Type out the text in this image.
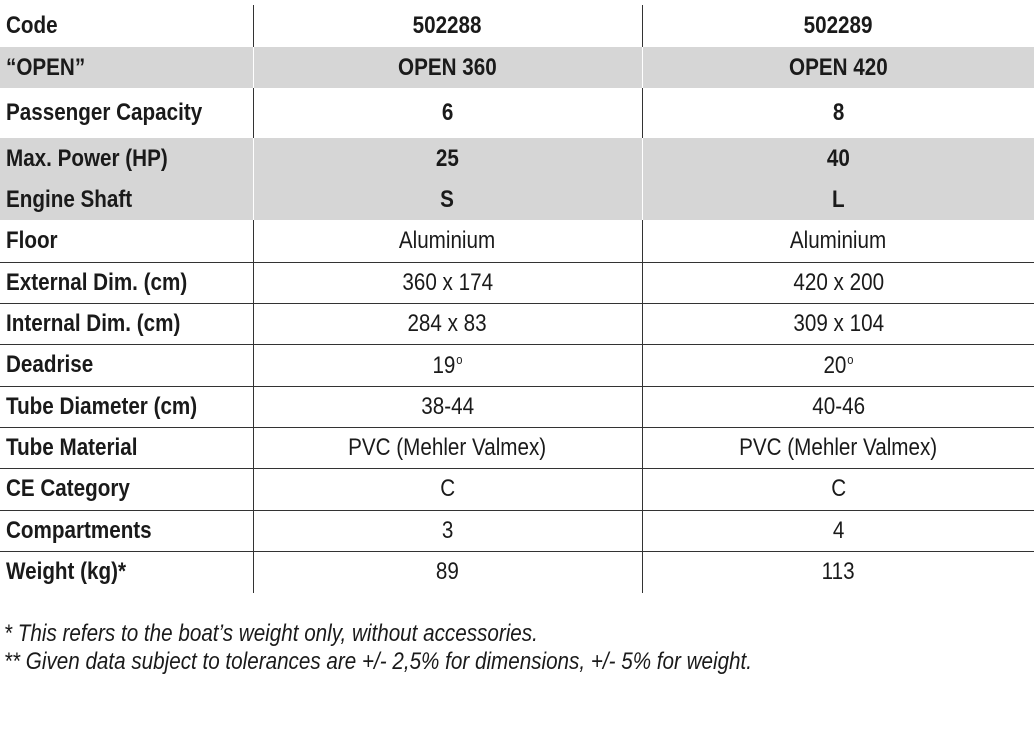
Code	502288	502289
“OPEN”	OPEN 360	OPEN 420
Passenger Capacity	6	8
Max. Power (HP)	25	40
Engine Shaft	S	L
Floor	Aluminium	Aluminium
External Dim. (cm)	360 x 174	420 x 200
Internal Dim. (cm)	284 x 83	309 x 104
Deadrise	19$^o$	20$^o$
Tube Diameter (cm)	38-44	40-46
Tube Material	PVC (Mehler Valmex)	PVC (Mehler Valmex)
CE Category	C	C
Compartments	3	4
Weight (kg)*	89	113
* This refers to the boat’s weight only, without accessories.
** Given data subject to tolerances are +/- 2,5% for dimensions, +/- 5% for weight.
